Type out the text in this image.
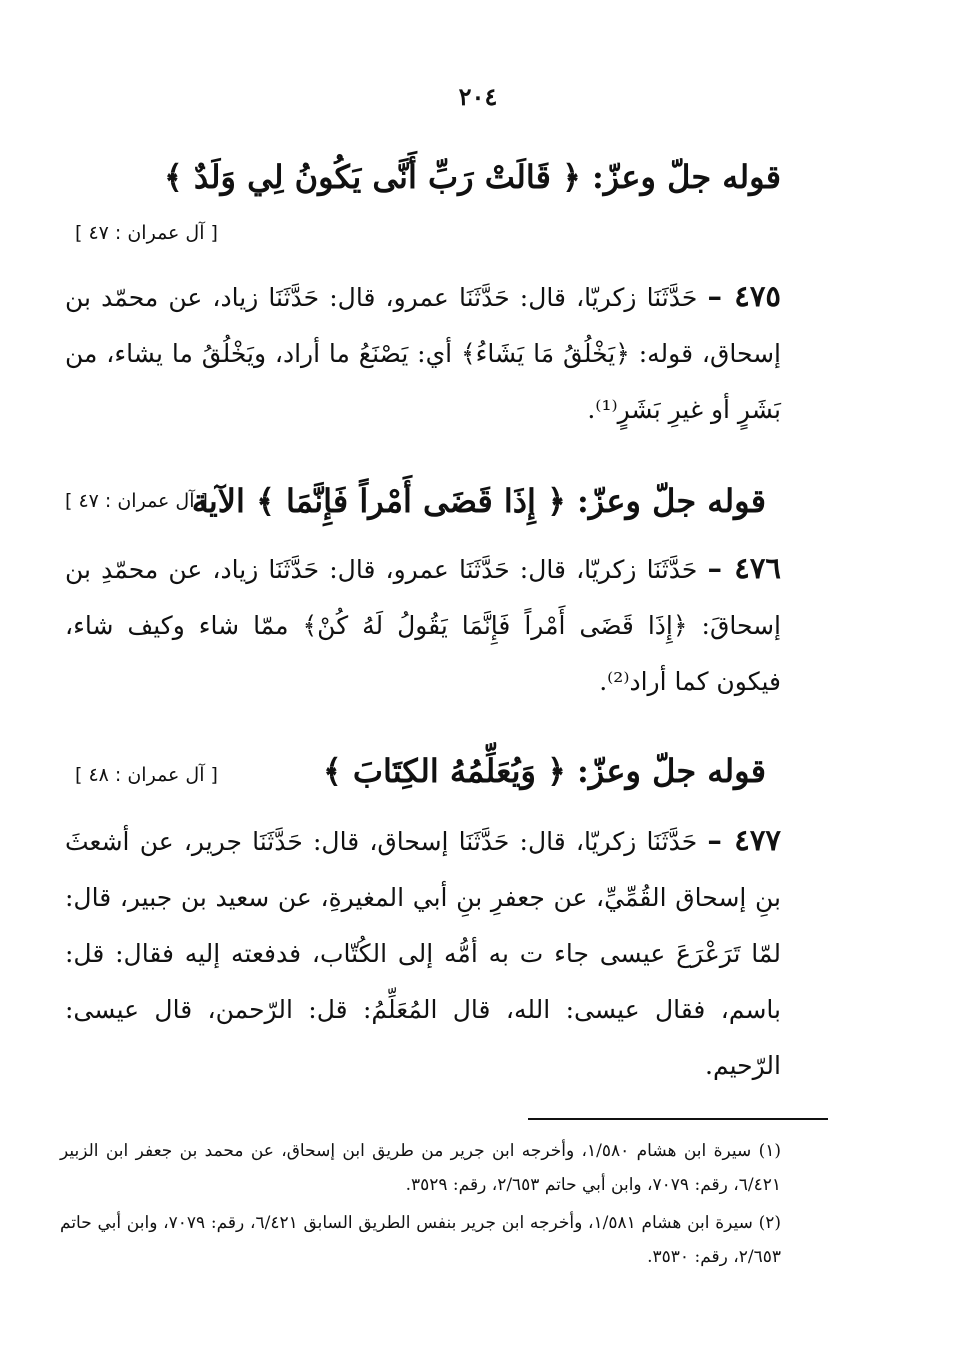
٢٠٤
قوله جلّ وعزّ: ﴿ قَالَتْ رَبِّ أَنَّى يَكُونُ لِي وَلَدٌ ﴾
[ آل عمران : ٤٧ ]
٤٧٥ – حَدَّثَنَا زكريّا، قال: حَدَّثَنَا عمرو، قال: حَدَّثَنَا زياد، عن محمّد بن إسحاق، قوله: ﴿يَخْلُقُ مَا يَشَاءُ﴾ أي: يَصْنَعُ ما أراد، ويَخْلُقُ ما يشاء، من بَشَرٍ أو غيرِ بَشَرٍ⁽¹⁾.
قوله جلّ وعزّ: ﴿ إِذَا قَضَى أَمْراً فَإِنَّمَا ﴾ الآية
[ آل عمران : ٤٧ ]
٤٧٦ – حَدَّثَنَا زكريّا، قال: حَدَّثَنَا عمرو، قال: حَدَّثَنَا زياد، عن محمّدِ بن إسحاقَ: ﴿إِذَا قَضَى أَمْراً فَإِنَّمَا يَقُولُ لَهُ كُنْ﴾ ممّا شاء وكيف شاء، فيكون كما أراد⁽²⁾.
قوله جلّ وعزّ: ﴿ وَيُعَلِّمُهُ الكِتَابَ ﴾
[ آل عمران : ٤٨ ]
٤٧٧ – حَدَّثَنَا زكريّا، قال: حَدَّثَنَا إسحاق، قال: حَدَّثَنَا جرير، عن أشعثَ بنِ إسحاق القُمِّيِّ، عن جعفرِ بنِ أبي المغيرةِ، عن سعيد بن جبير، قال: لمّا تَرَعْرَعَ عيسى جاء ت به أمُّه إلى الكُتّاب، فدفعته إليه فقال: قل: باسم، فقال عيسى: الله، قال المُعَلِّمُ: قل: الرّحمن، قال عيسى: الرّحيم.

(١) سيرة ابن هشام ١/٥٨٠، وأخرجه ابن جرير من طريق ابن إسحاق، عن محمد بن جعفر ابن الزبير ٦/٤٢١، رقم: ٧٠٧٩، وابن أبي حاتم ٢/٦٥٣، رقم: ٣٥٢٩.

(٢) سيرة ابن هشام ١/٥٨١، وأخرجه ابن جرير بنفس الطريق السابق ٦/٤٢١، رقم: ٧٠٧٩، وابن أبي حاتم ٢/٦٥٣، رقم: ٣٥٣٠.
